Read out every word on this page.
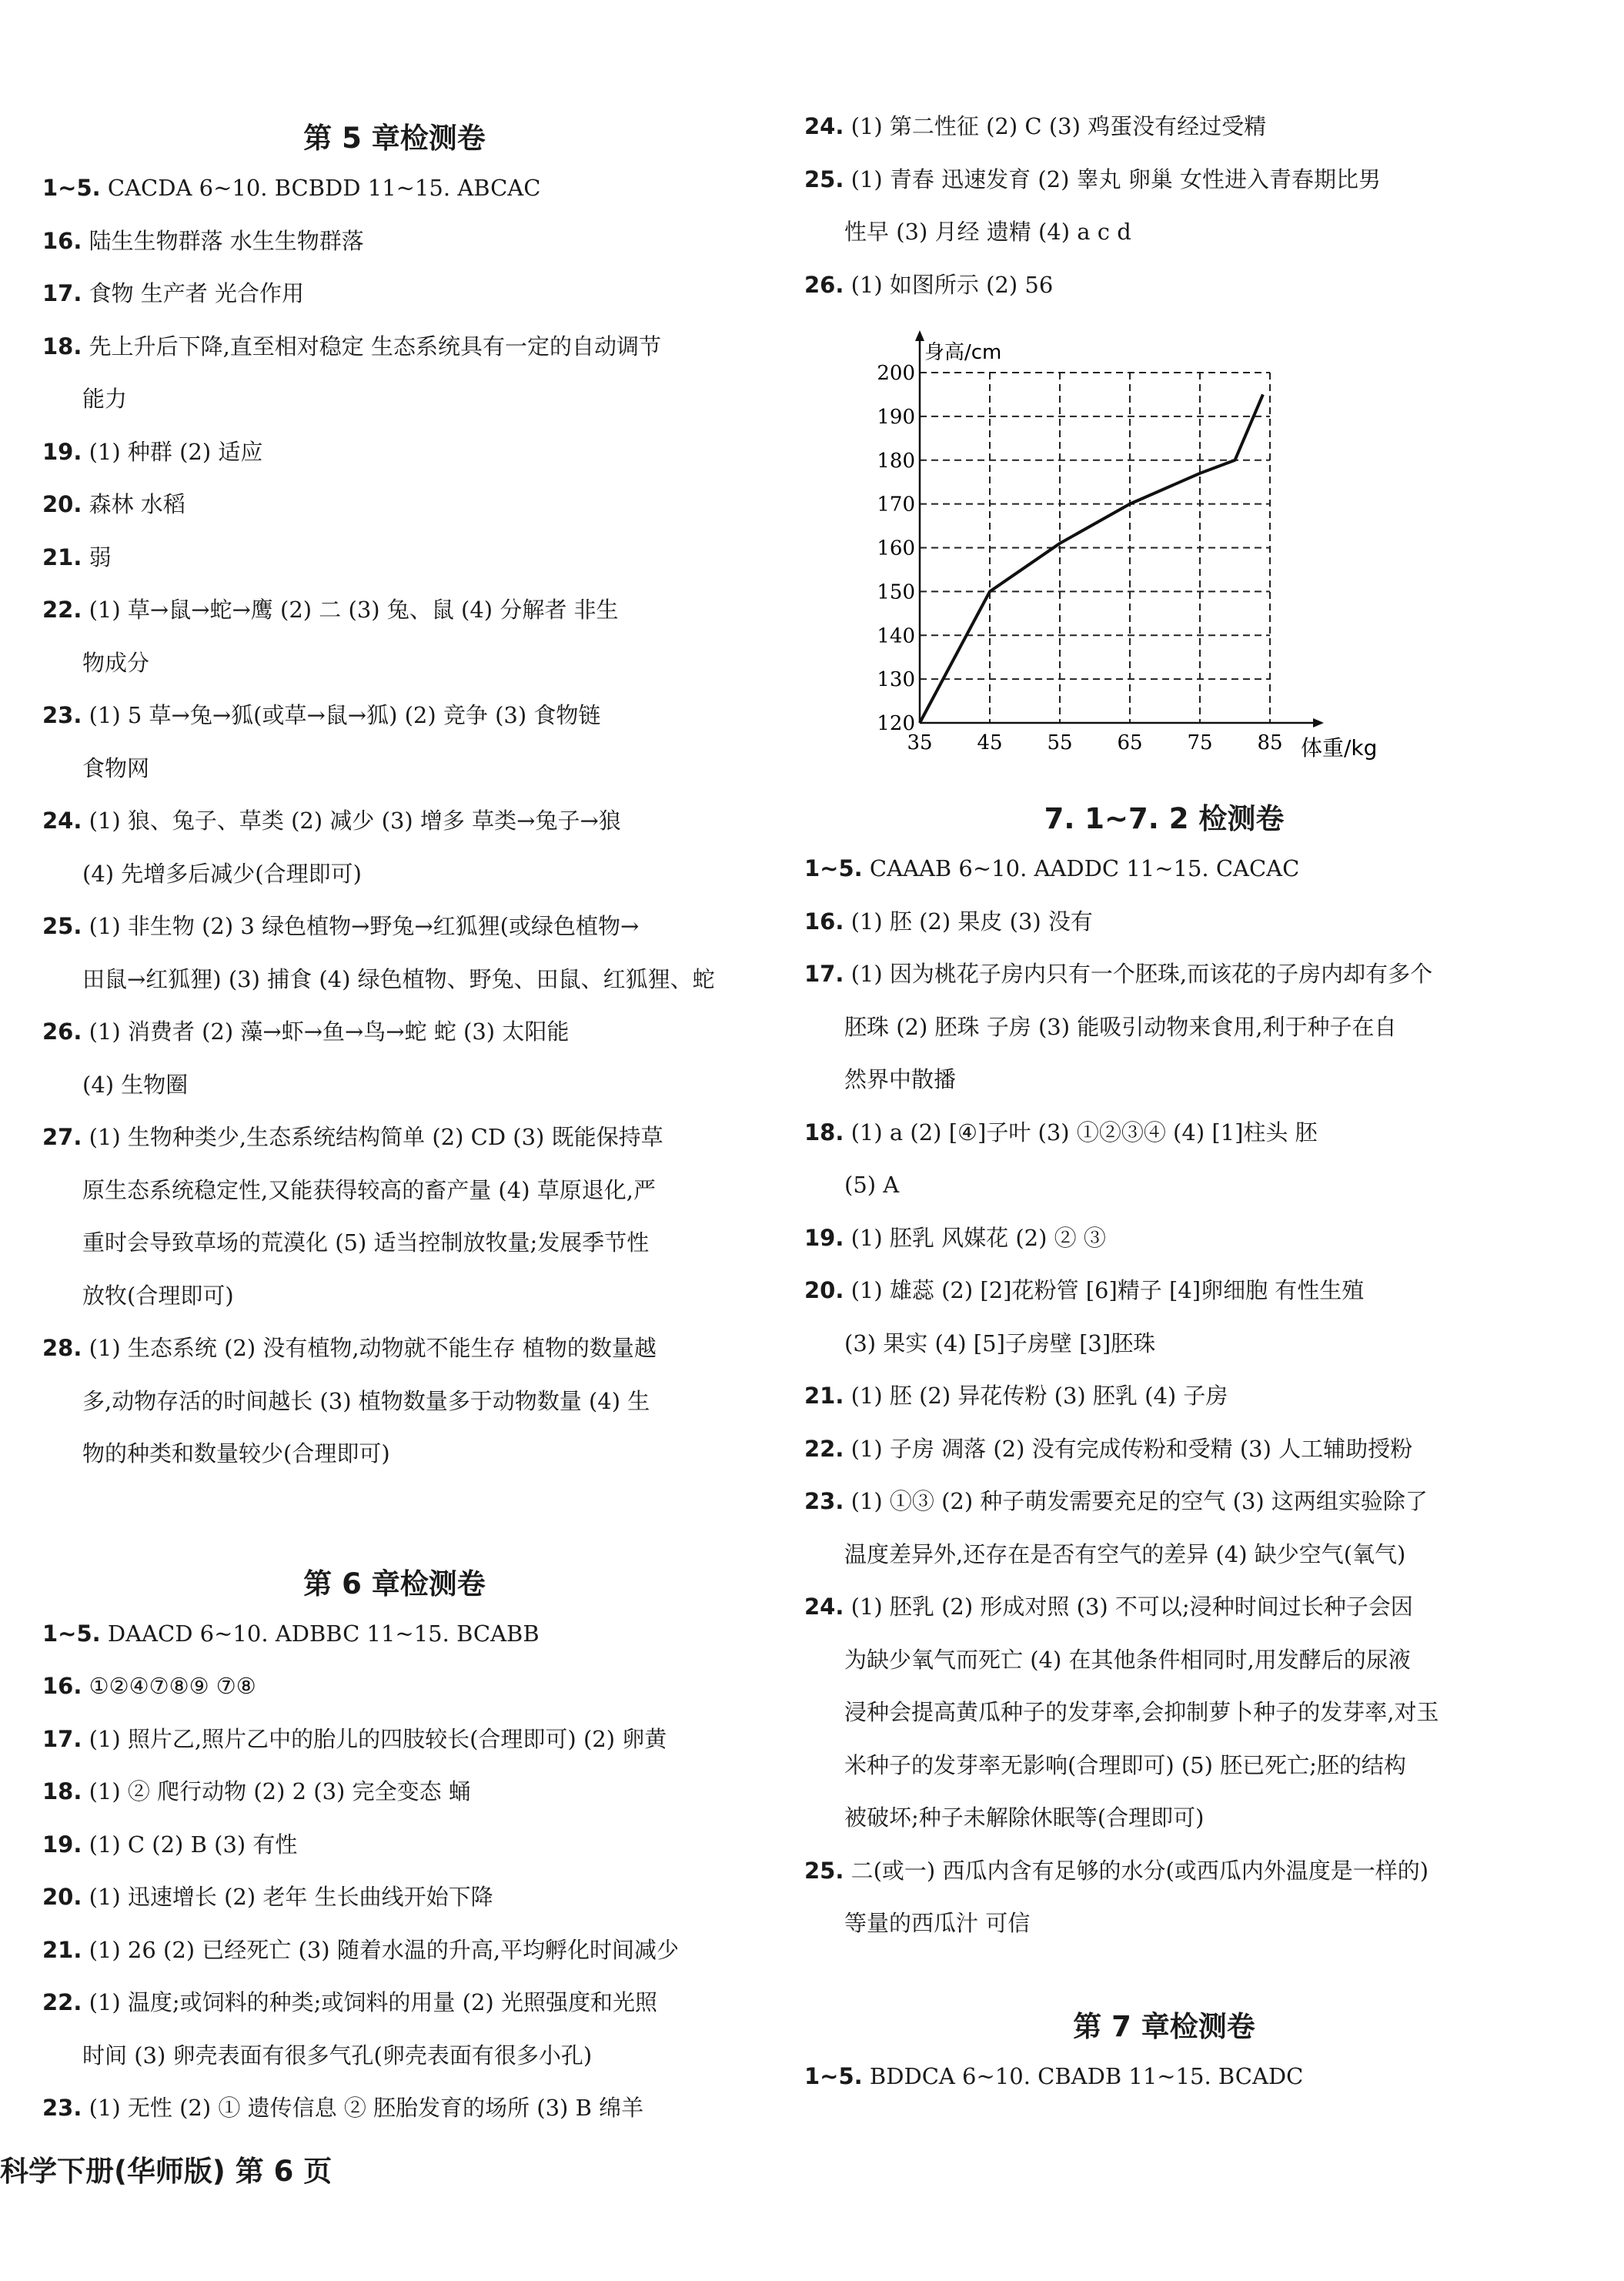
第 5 章检测卷
1~5. CACDA 6~10. BCBDD 11~15. ABCAC
16. 陆生生物群落 水生生物群落
17. 食物 生产者 光合作用
18. 先上升后下降,直至相对稳定 生态系统具有一定的自动调节
能力
19. (1) 种群 (2) 适应
20. 森林 水稻
21. 弱
22. (1) 草→鼠→蛇→鹰 (2) 二 (3) 兔、鼠 (4) 分解者 非生
物成分
23. (1) 5 草→兔→狐(或草→鼠→狐) (2) 竞争 (3) 食物链
食物网
24. (1) 狼、兔子、草类 (2) 减少 (3) 增多 草类→兔子→狼
(4) 先增多后减少(合理即可)
25. (1) 非生物 (2) 3 绿色植物→野兔→红狐狸(或绿色植物→
田鼠→红狐狸) (3) 捕食 (4) 绿色植物、野兔、田鼠、红狐狸、蛇
26. (1) 消费者 (2) 藻→虾→鱼→鸟→蛇 蛇 (3) 太阳能
(4) 生物圈
27. (1) 生物种类少,生态系统结构简单 (2) CD (3) 既能保持草
原生态系统稳定性,又能获得较高的畜产量 (4) 草原退化,严
重时会导致草场的荒漠化 (5) 适当控制放牧量;发展季节性
放牧(合理即可)
28. (1) 生态系统 (2) 没有植物,动物就不能生存 植物的数量越
多,动物存活的时间越长 (3) 植物数量多于动物数量 (4) 生
物的种类和数量较少(合理即可)
第 6 章检测卷
1~5. DAACD 6~10. ADBBC 11~15. BCABB
16. ①②④⑦⑧⑨ ⑦⑧
17. (1) 照片乙,照片乙中的胎儿的四肢较长(合理即可) (2) 卵黄
18. (1) ② 爬行动物 (2) 2 (3) 完全变态 蛹
19. (1) C (2) B (3) 有性
20. (1) 迅速增长 (2) 老年 生长曲线开始下降
21. (1) 26 (2) 已经死亡 (3) 随着水温的升高,平均孵化时间减少
22. (1) 温度;或饲料的种类;或饲料的用量 (2) 光照强度和光照
时间 (3) 卵壳表面有很多气孔(卵壳表面有很多小孔)
23. (1) 无性 (2) ① 遗传信息 ② 胚胎发育的场所 (3) B 绵羊
24. (1) 第二性征 (2) C (3) 鸡蛋没有经过受精
25. (1) 青春 迅速发育 (2) 睾丸 卵巢 女性进入青春期比男
性早 (3) 月经 遗精 (4) a c d
26. (1) 如图所示 (2) 56
120
130
140
150
160
170
180
190
200
35 45 55 65 75 85
身高/cm
体重/kg
7. 1~7. 2 检测卷
1~5. CAAAB 6~10. AADDC 11~15. CACAC
16. (1) 胚 (2) 果皮 (3) 没有
17. (1) 因为桃花子房内只有一个胚珠,而该花的子房内却有多个
胚珠 (2) 胚珠 子房 (3) 能吸引动物来食用,利于种子在自
然界中散播
18. (1) a (2) [④]子叶 (3) ①②③④ (4) [1]柱头 胚
(5) A
19. (1) 胚乳 风媒花 (2) ② ③
20. (1) 雄蕊 (2) [2]花粉管 [6]精子 [4]卵细胞 有性生殖
(3) 果实 (4) [5]子房壁 [3]胚珠
21. (1) 胚 (2) 异花传粉 (3) 胚乳 (4) 子房
22. (1) 子房 凋落 (2) 没有完成传粉和受精 (3) 人工辅助授粉
23. (1) ①③ (2) 种子萌发需要充足的空气 (3) 这两组实验除了
温度差异外,还存在是否有空气的差异 (4) 缺少空气(氧气)
24. (1) 胚乳 (2) 形成对照 (3) 不可以;浸种时间过长种子会因
为缺少氧气而死亡 (4) 在其他条件相同时,用发酵后的尿液
浸种会提高黄瓜种子的发芽率,会抑制萝卜种子的发芽率,对玉
米种子的发芽率无影响(合理即可) (5) 胚已死亡;胚的结构
被破坏;种子未解除休眠等(合理即可)
25. 二(或一) 西瓜内含有足够的水分(或西瓜内外温度是一样的)
等量的西瓜汁 可信
第 7 章检测卷
1~5. BDDCA 6~10. CBADB 11~15. BCADC
科学下册(华师版) 第 6 页
